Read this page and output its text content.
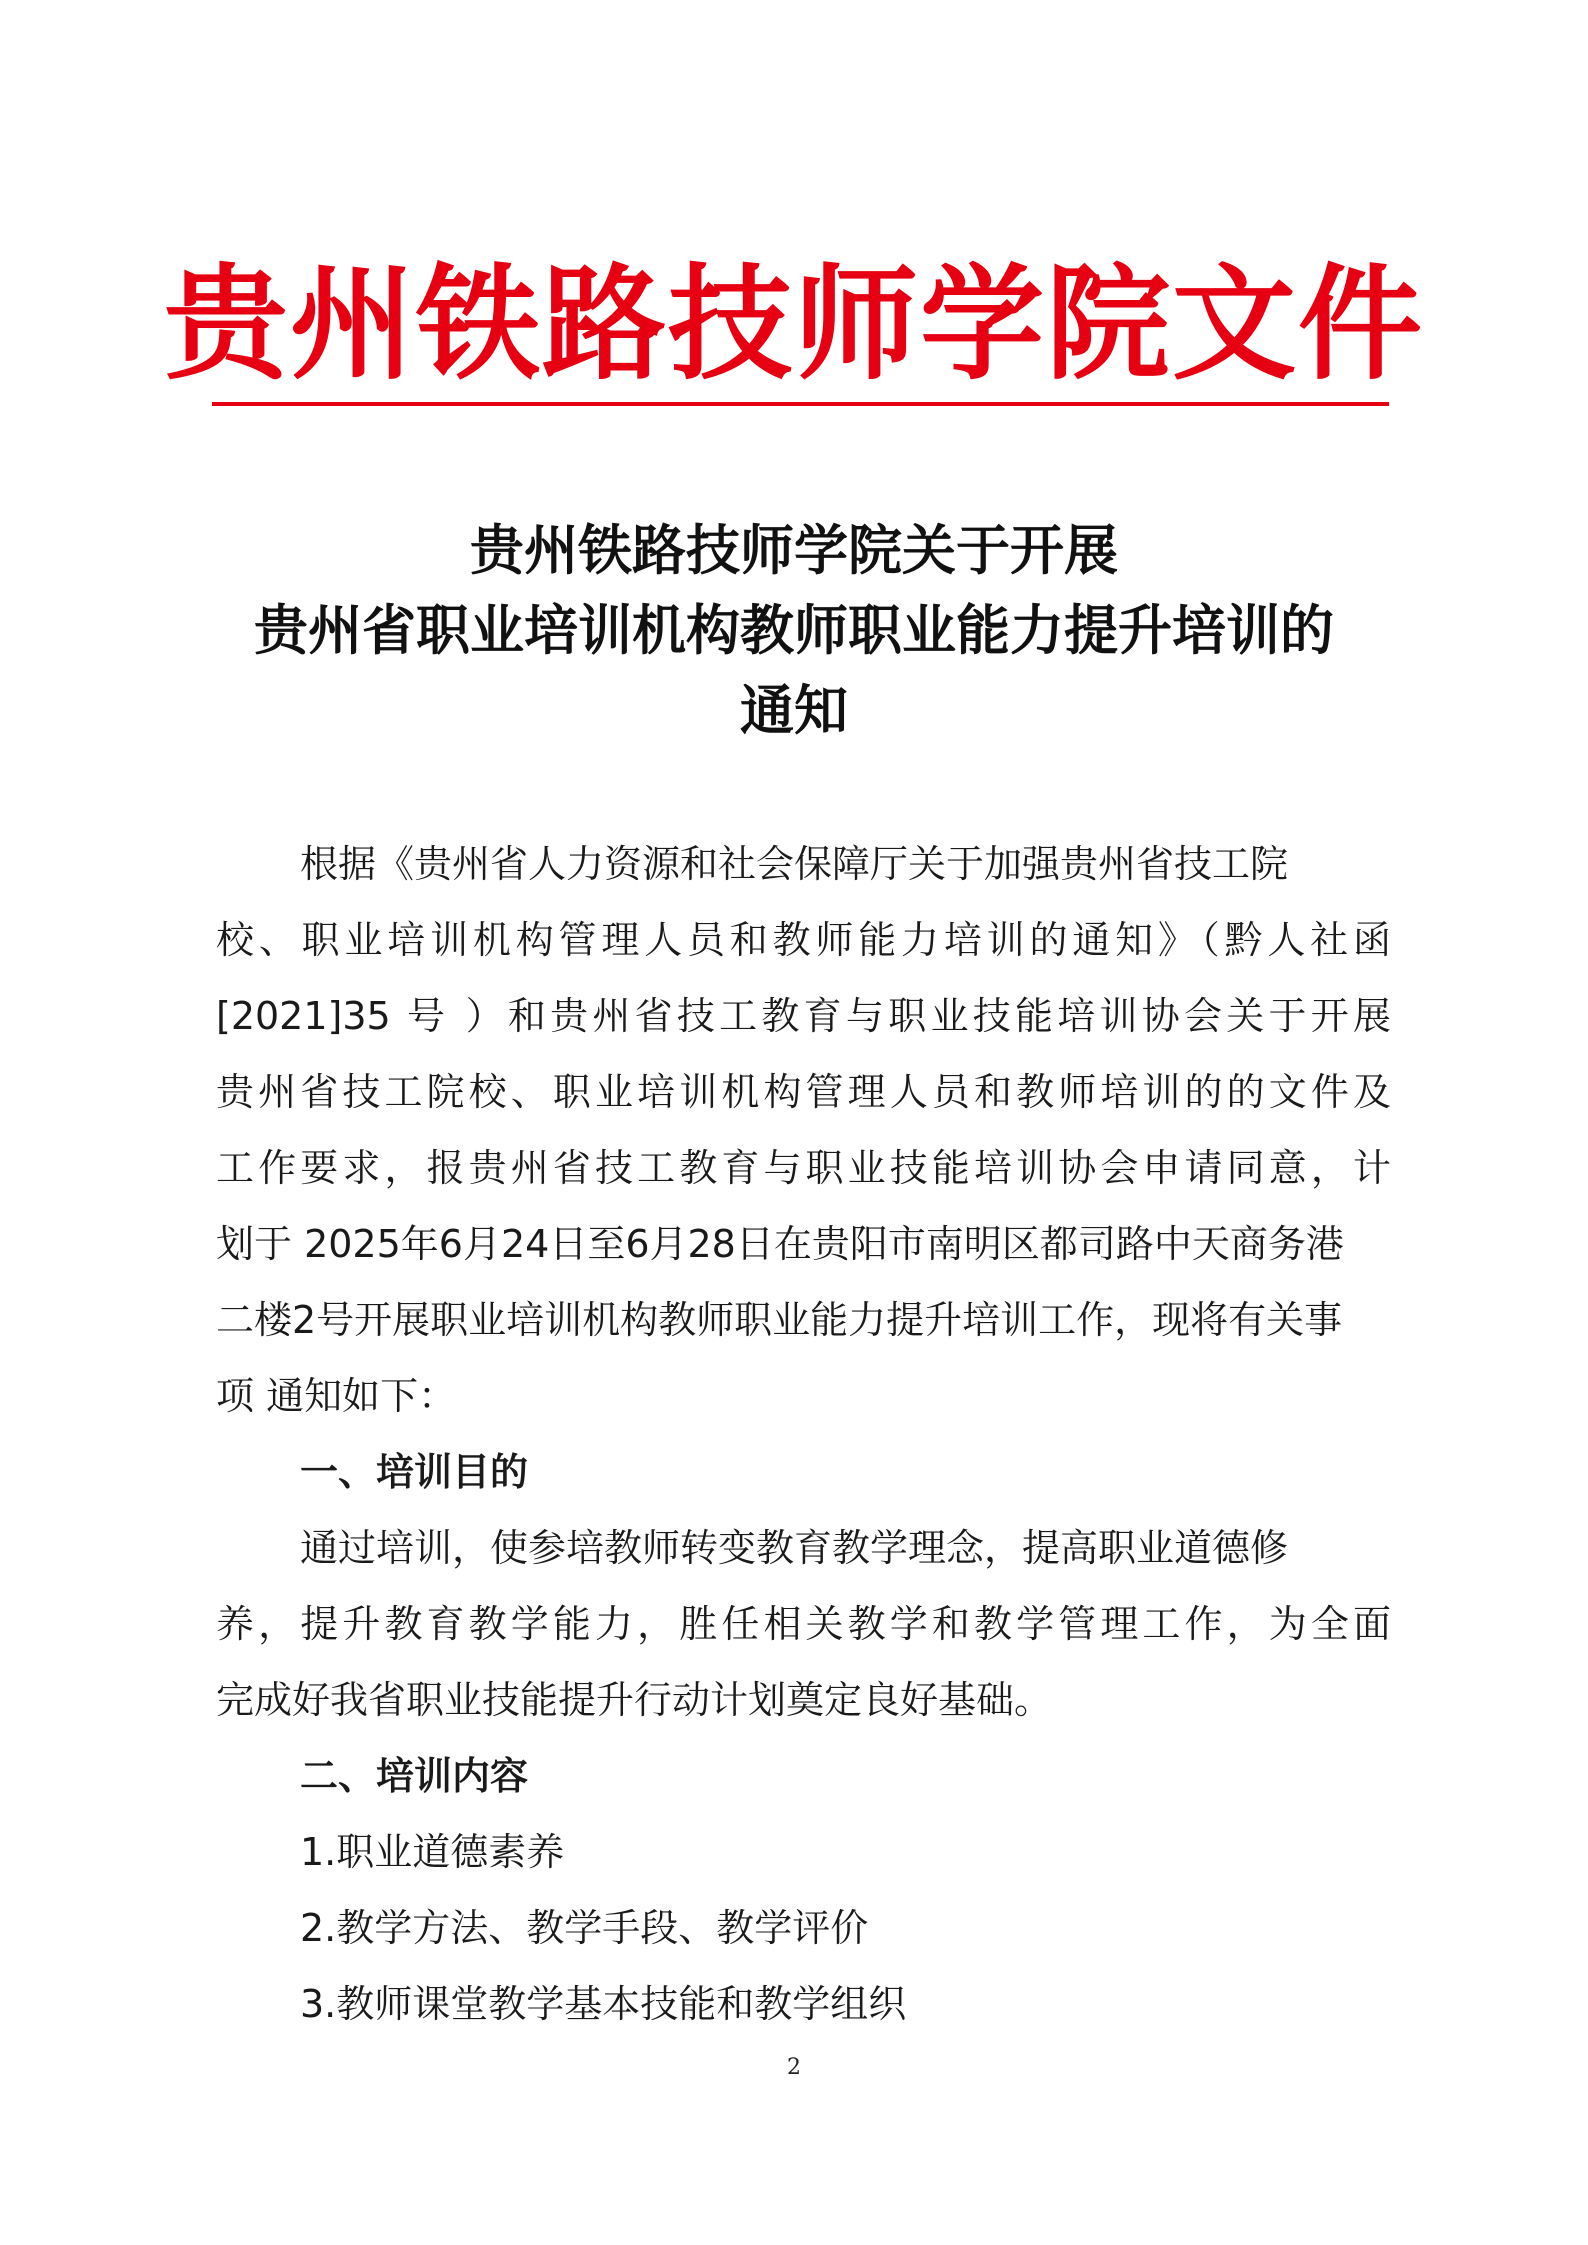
贵州铁路技师学院文件
贵州铁路技师学院关于开展
贵州省职业培训机构教师职业能力提升培训的
通知
根据《贵州省人力资源和社会保障厅关于加强贵州省技工院
校、职业培训机构管理人员和教师能力培训的通知》（黔人社函
[2021]35 号 ）和贵州省技工教育与职业技能培训协会关于开展
贵州省技工院校、职业培训机构管理人员和教师培训的的文件及
工作要求，报贵州省技工教育与职业技能培训协会申请同意，计
划于 2025年6月24日至6月28日在贵阳市南明区都司路中天商务港
二楼2号开展职业培训机构教师职业能力提升培训工作，现将有关事
项 通知如下：
一、培训目的
通过培训，使参培教师转变教育教学理念，提高职业道德修
养，提升教育教学能力，胜任相关教学和教学管理工作，为全面
完成好我省职业技能提升行动计划奠定良好基础。
二、培训内容
1.职业道德素养
2.教学方法、教学手段、教学评价
3.教师课堂教学基本技能和教学组织
2
